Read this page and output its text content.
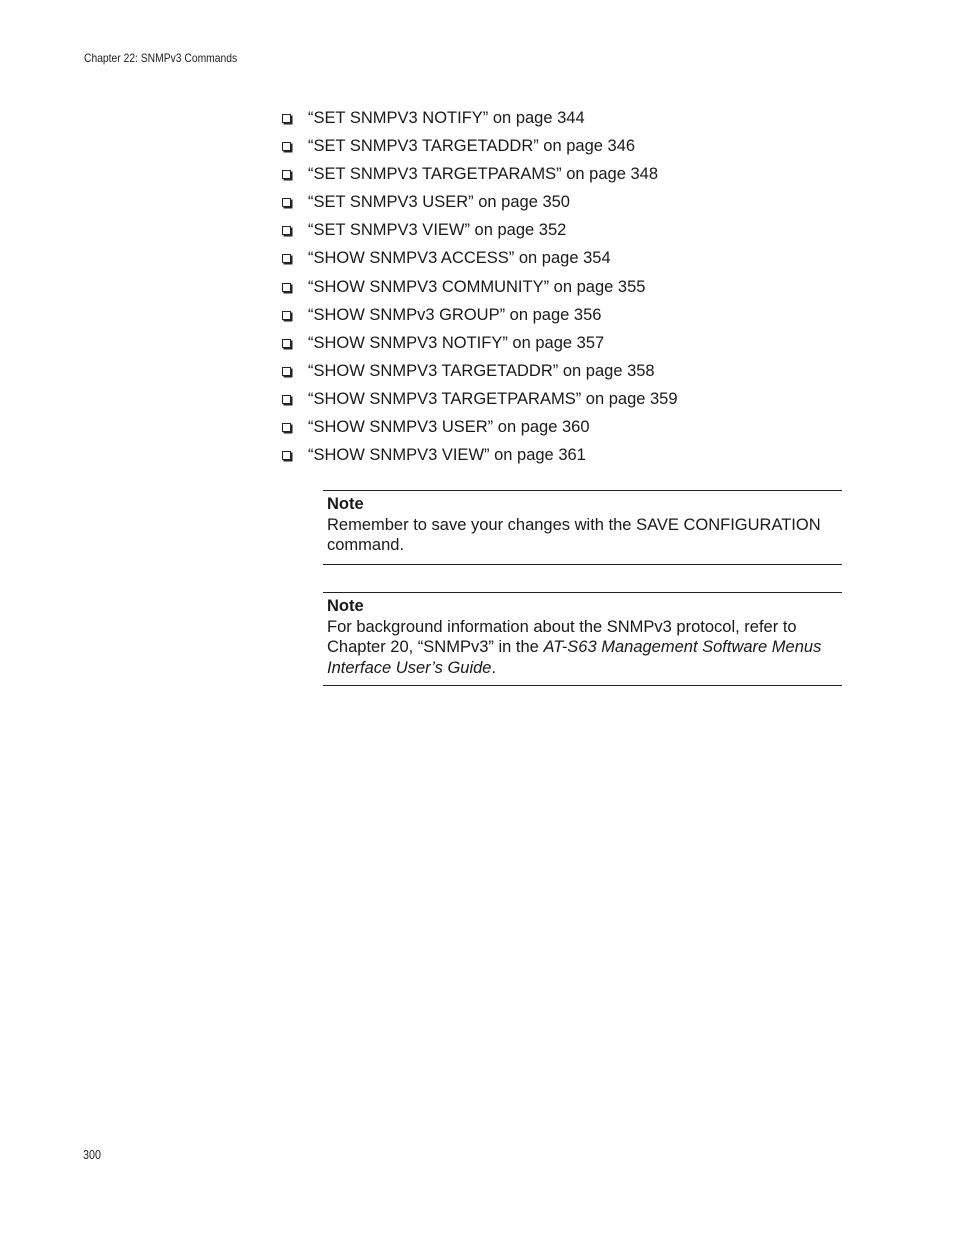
Chapter 22: SNMPv3 Commands
“SET SNMPV3 NOTIFY” on page 344
“SET SNMPV3 TARGETADDR” on page 346
“SET SNMPV3 TARGETPARAMS” on page 348
“SET SNMPV3 USER” on page 350
“SET SNMPV3 VIEW” on page 352
“SHOW SNMPV3 ACCESS” on page 354
“SHOW SNMPV3 COMMUNITY” on page 355
“SHOW SNMPv3 GROUP” on page 356
“SHOW SNMPV3 NOTIFY” on page 357
“SHOW SNMPV3 TARGETADDR” on page 358
“SHOW SNMPV3 TARGETPARAMS” on page 359
“SHOW SNMPV3 USER” on page 360
“SHOW SNMPV3 VIEW” on page 361
Note
Remember to save your changes with the SAVE CONFIGURATION command.
Note
For background information about the SNMPv3 protocol, refer to Chapter 20, “SNMPv3” in the AT-S63 Management Software Menus Interface User’s Guide.
300
